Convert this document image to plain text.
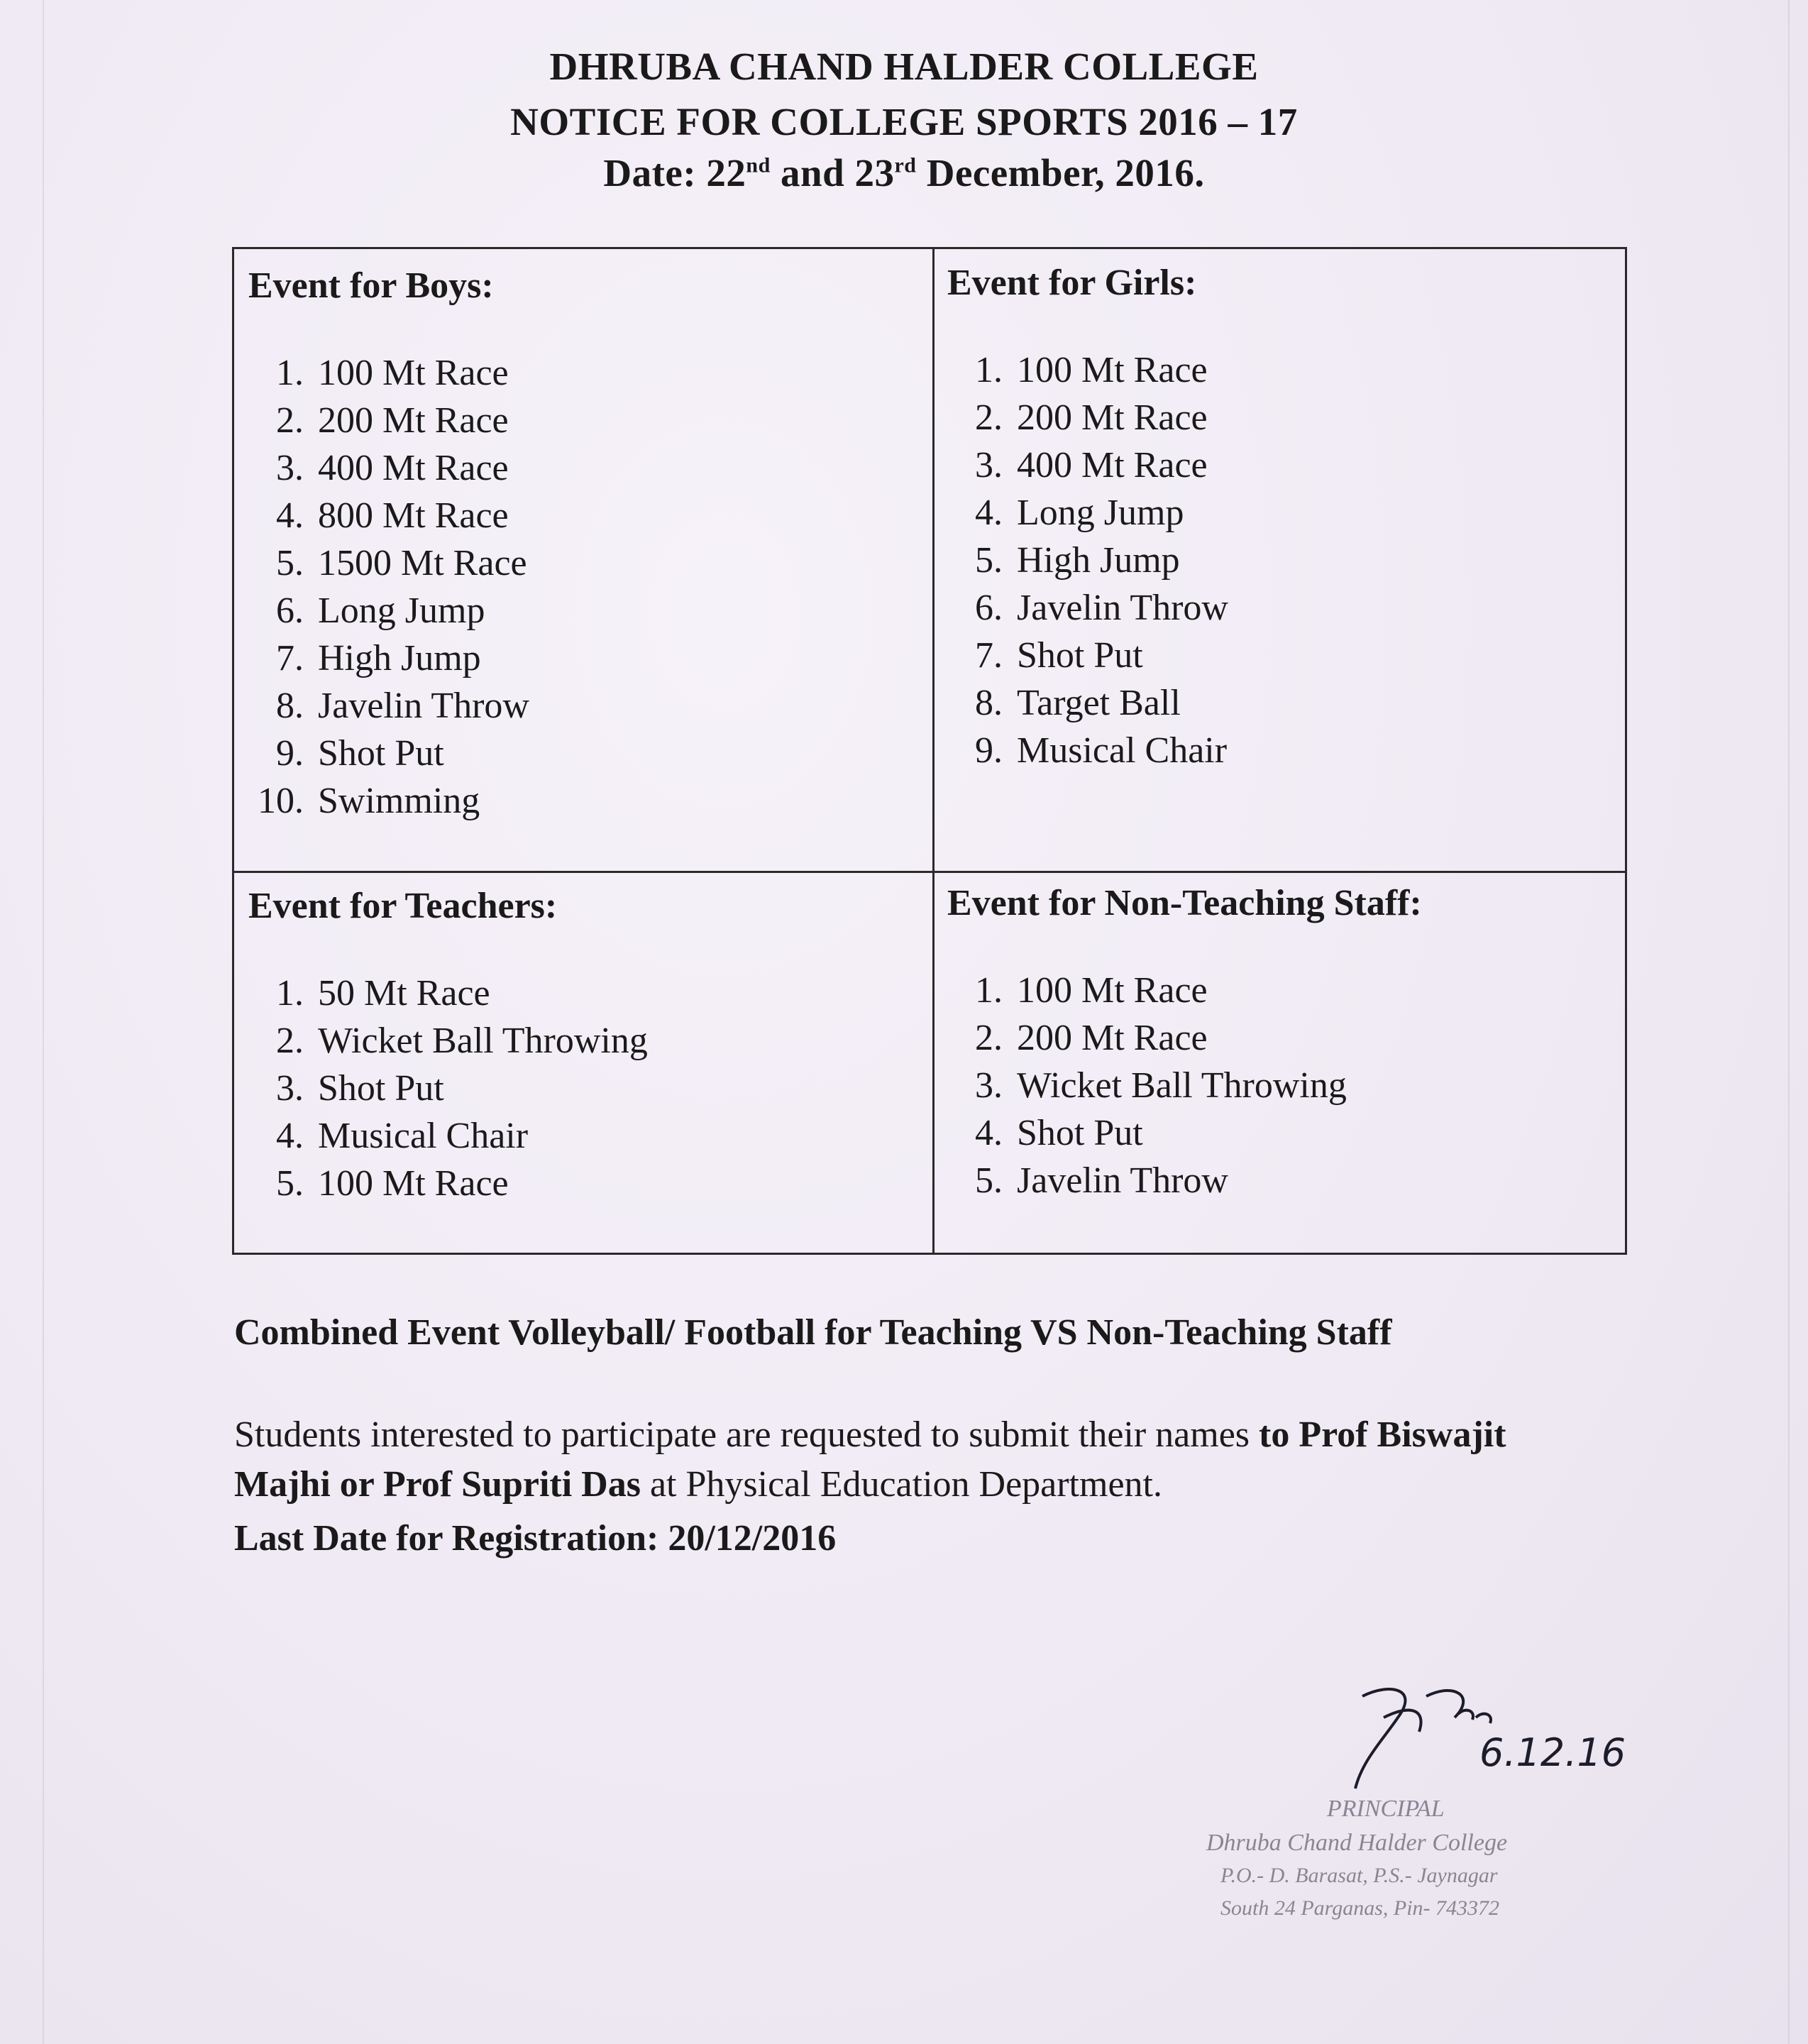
DHRUBA CHAND HALDER COLLEGE
NOTICE FOR COLLEGE SPORTS 2016 – 17
Date: 22nd and 23rd December, 2016.
Event for Boys:
1. 100 Mt Race
2. 200 Mt Race
3. 400 Mt Race
4. 800 Mt Race
5. 1500 Mt Race
6. Long Jump
7. High Jump
8. Javelin Throw
9. Shot Put
10. Swimming
Event for Girls:
1. 100 Mt Race
2. 200 Mt Race
3. 400 Mt Race
4. Long Jump
5. High Jump
6. Javelin Throw
7. Shot Put
8. Target Ball
9. Musical Chair
Event for Teachers:
1. 50 Mt Race
2. Wicket Ball Throwing
3. Shot Put
4. Musical Chair
5. 100 Mt Race
Event for Non-Teaching Staff:
1. 100 Mt Race
2. 200 Mt Race
3. Wicket Ball Throwing
4. Shot Put
5. Javelin Throw
Combined Event Volleyball/ Football for Teaching VS Non-Teaching Staff
Students interested to participate are requested to submit their names to Prof Biswajit
Majhi or Prof Supriti Das at Physical Education Department.
Last Date for Registration: 20/12/2016
6.12.16
PRINCIPAL
Dhruba Chand Halder College
P.O.- D. Barasat, P.S.- Jaynagar
South 24 Parganas, Pin- 743372
